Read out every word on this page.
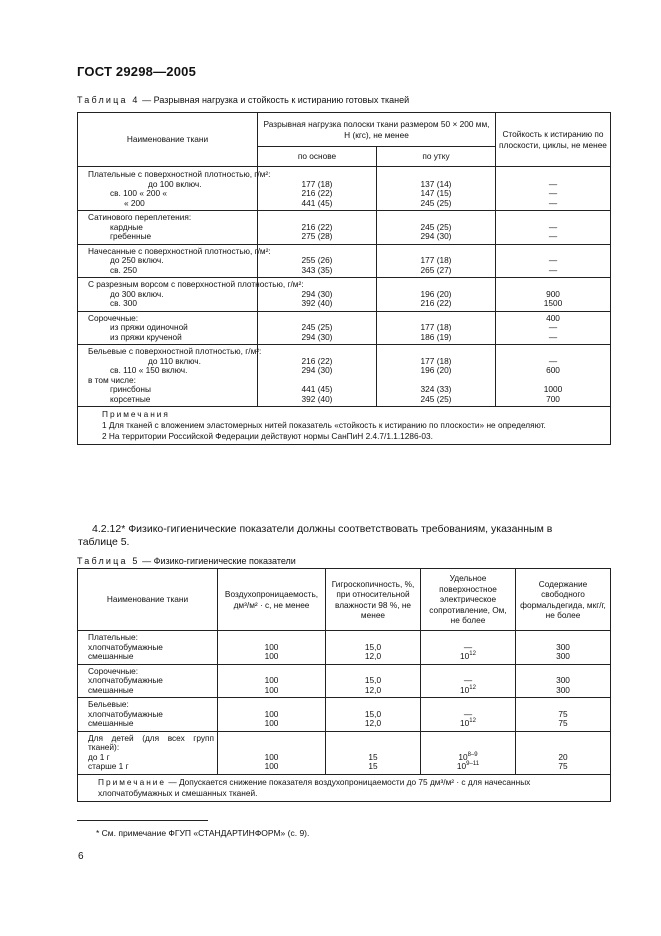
ГОСТ 29298—2005
Таблица 4 — Разрывная нагрузка и стойкость к истиранию готовых тканей
Наименование ткани	Разрывная нагрузка полоски ткани размером 50 × 200 мм, Н (кгс), не менее		Стойкость к истиранию по плоскости, циклы, не менее
	по основе	по утку	
Плательные с поверхностной плотностью, г/м²:			
до 100 включ.	177 (18)	137 (14)	—
св. 100 « 200 «	216 (22)	147 (15)	—
« 200	441 (45)	245 (25)	—
Сатинового переплетения:			
кардные	216 (22)	245 (25)	—
гребенные	275 (28)	294 (30)	—
Начесанные с поверхностной плотностью, г/м²:			
до 250 включ.	255 (26)	177 (18)	—
св. 250	343 (35)	265 (27)	—
С разрезным ворсом с поверхностной плотностью, г/м²:			
до 300 включ.	294 (30)	196 (20)	900
св. 300	392 (40)	216 (22)	1500
Сорочечные:			400
из пряжи одиночной	245 (25)	177 (18)	—
из пряжи крученой	294 (30)	186 (19)	—
Бельевые с поверхностной плотностью, г/м²:			
до 110 включ.	216 (22)	177 (18)	—
св. 110 « 150 включ.	294 (30)	196 (20)	600
в том числе:			
гринсбоны	441 (45)	324 (33)	1000
корсетные	392 (40)	245 (25)	700

Примечания
1 Для тканей с вложением эластомерных нитей показатель «стойкость к истиранию по плоскости» не определяют.
2 На территории Российской Федерации действуют нормы СанПиН 2.4.7/1.1.1286-03.			
4.2.12* Физико-гигиенические показатели должны соответствовать требованиям, указанным в
таблице 5.
Таблица 5 — Физико-гигиенические показатели
Наименование ткани	Воздухопроницаемость, дм³/м² · с, не менее	Гигроскопичность, %, при относительной влажности 98 %, не менее	Удельное поверхностное электрическое сопротивление, Ом, не более	Содержание свободного формальдегида, мкг/г, не более
Плательные:				
хлопчатобумажные	100	15,0	—	300
смешанные	100	12,0	$10^{12}$	300
Сорочечные:				
хлопчатобумажные	100	15,0	—	300
смешанные	100	12,0	$10^{12}$	300
Бельевые:				
хлопчатобумажные	100	15,0	—	75
смешанные	100	12,0	$10^{12}$	75
Для детей (для всех групп тканей):				
до 1 г	100	15	10$^{8-9}$	20
старше 1 г	100	15	10$^{9-11}$	75
Примечание — Допускается снижение показателя воздухопроницаемости до 75 дм³/м² · с для начесанных хлопчатобумажных и смешанных тканей.				
* См. примечание ФГУП «СТАНДАРТИНФОРМ» (с. 9).
6
